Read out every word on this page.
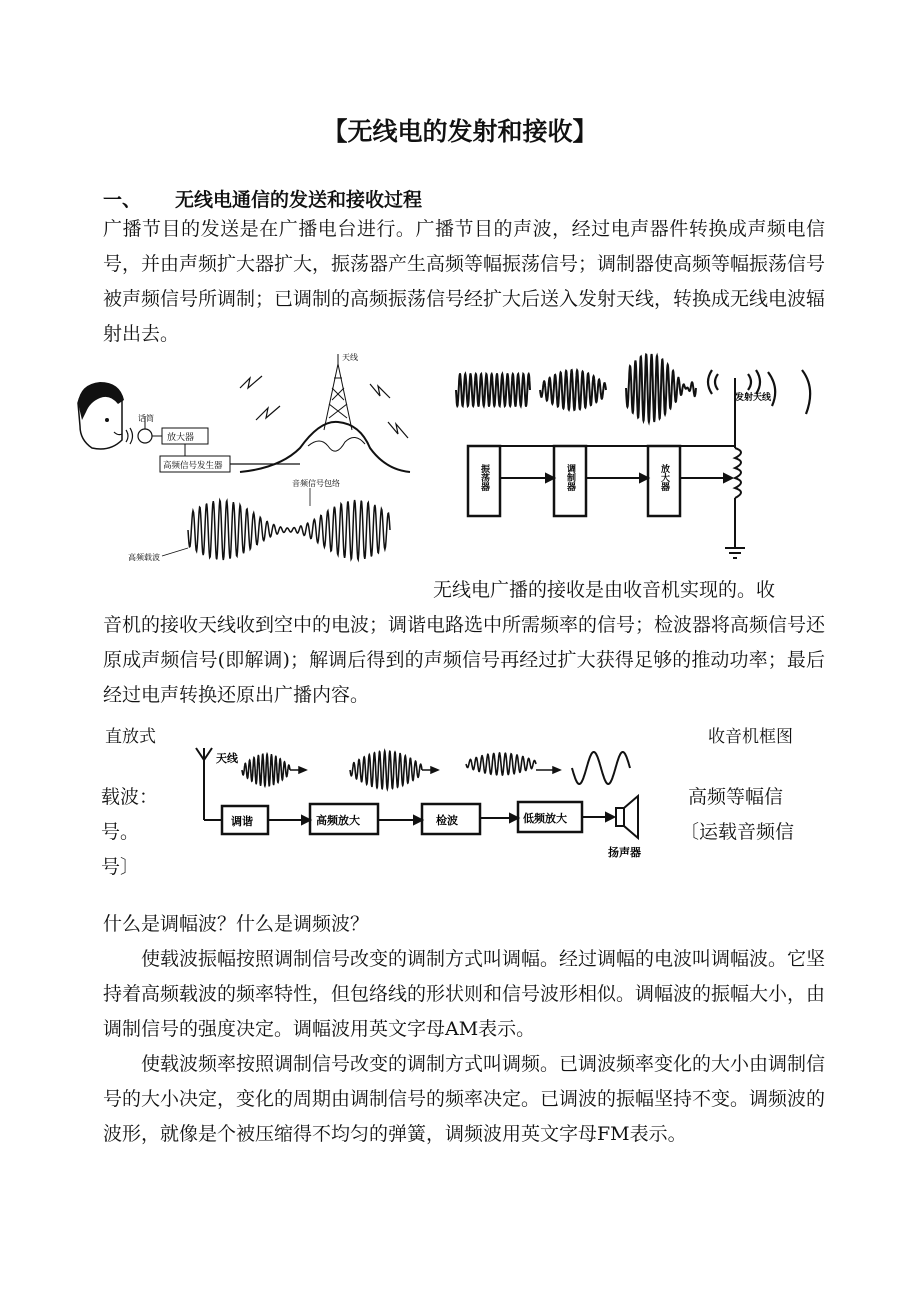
【无线电的发射和接收】
一、 无线电通信的发送和接收过程
广播节目的发送是在广播电台进行。广播节目的声波，经过电声器件转换成声频电信号，并由声频扩大器扩大，振荡器产生高频等幅振荡信号；调制器使高频等幅振荡信号被声频信号所调制；已调制的高频振荡信号经扩大后送入发射天线，转换成无线电波辐射出去。
话筒
放大器
高频信号发生器
天线
音频信号包络
高频载波
发射天线
振荡器	调制器	放大器
无线电广播的接收是由收音机实现的。收
音机的接收天线收到空中的电波；调谐电路选中所需频率的信号；检波器将高频信号还原成声频信号(即解调)；解调后得到的声频信号再经过扩大获得足够的推动功率；最后经过电声转换还原出广播内容。
直放式	收音机框图
载波：
号。
号〕
高频等幅信
〔运载音频信
天线
调谐	高频放大	检波	低频放大
扬声器
什么是调幅波？什么是调频波？
使载波振幅按照调制信号改变的调制方式叫调幅。经过调幅的电波叫调幅波。它坚持着高频载波的频率特性，但包络线的形状则和信号波形相似。调幅波的振幅大小，由调制信号的强度决定。调幅波用英文字母AM表示。
使载波频率按照调制信号改变的调制方式叫调频。已调波频率变化的大小由调制信号的大小决定，变化的周期由调制信号的频率决定。已调波的振幅坚持不变。调频波的波形，就像是个被压缩得不均匀的弹簧，调频波用英文字母FM表示。
